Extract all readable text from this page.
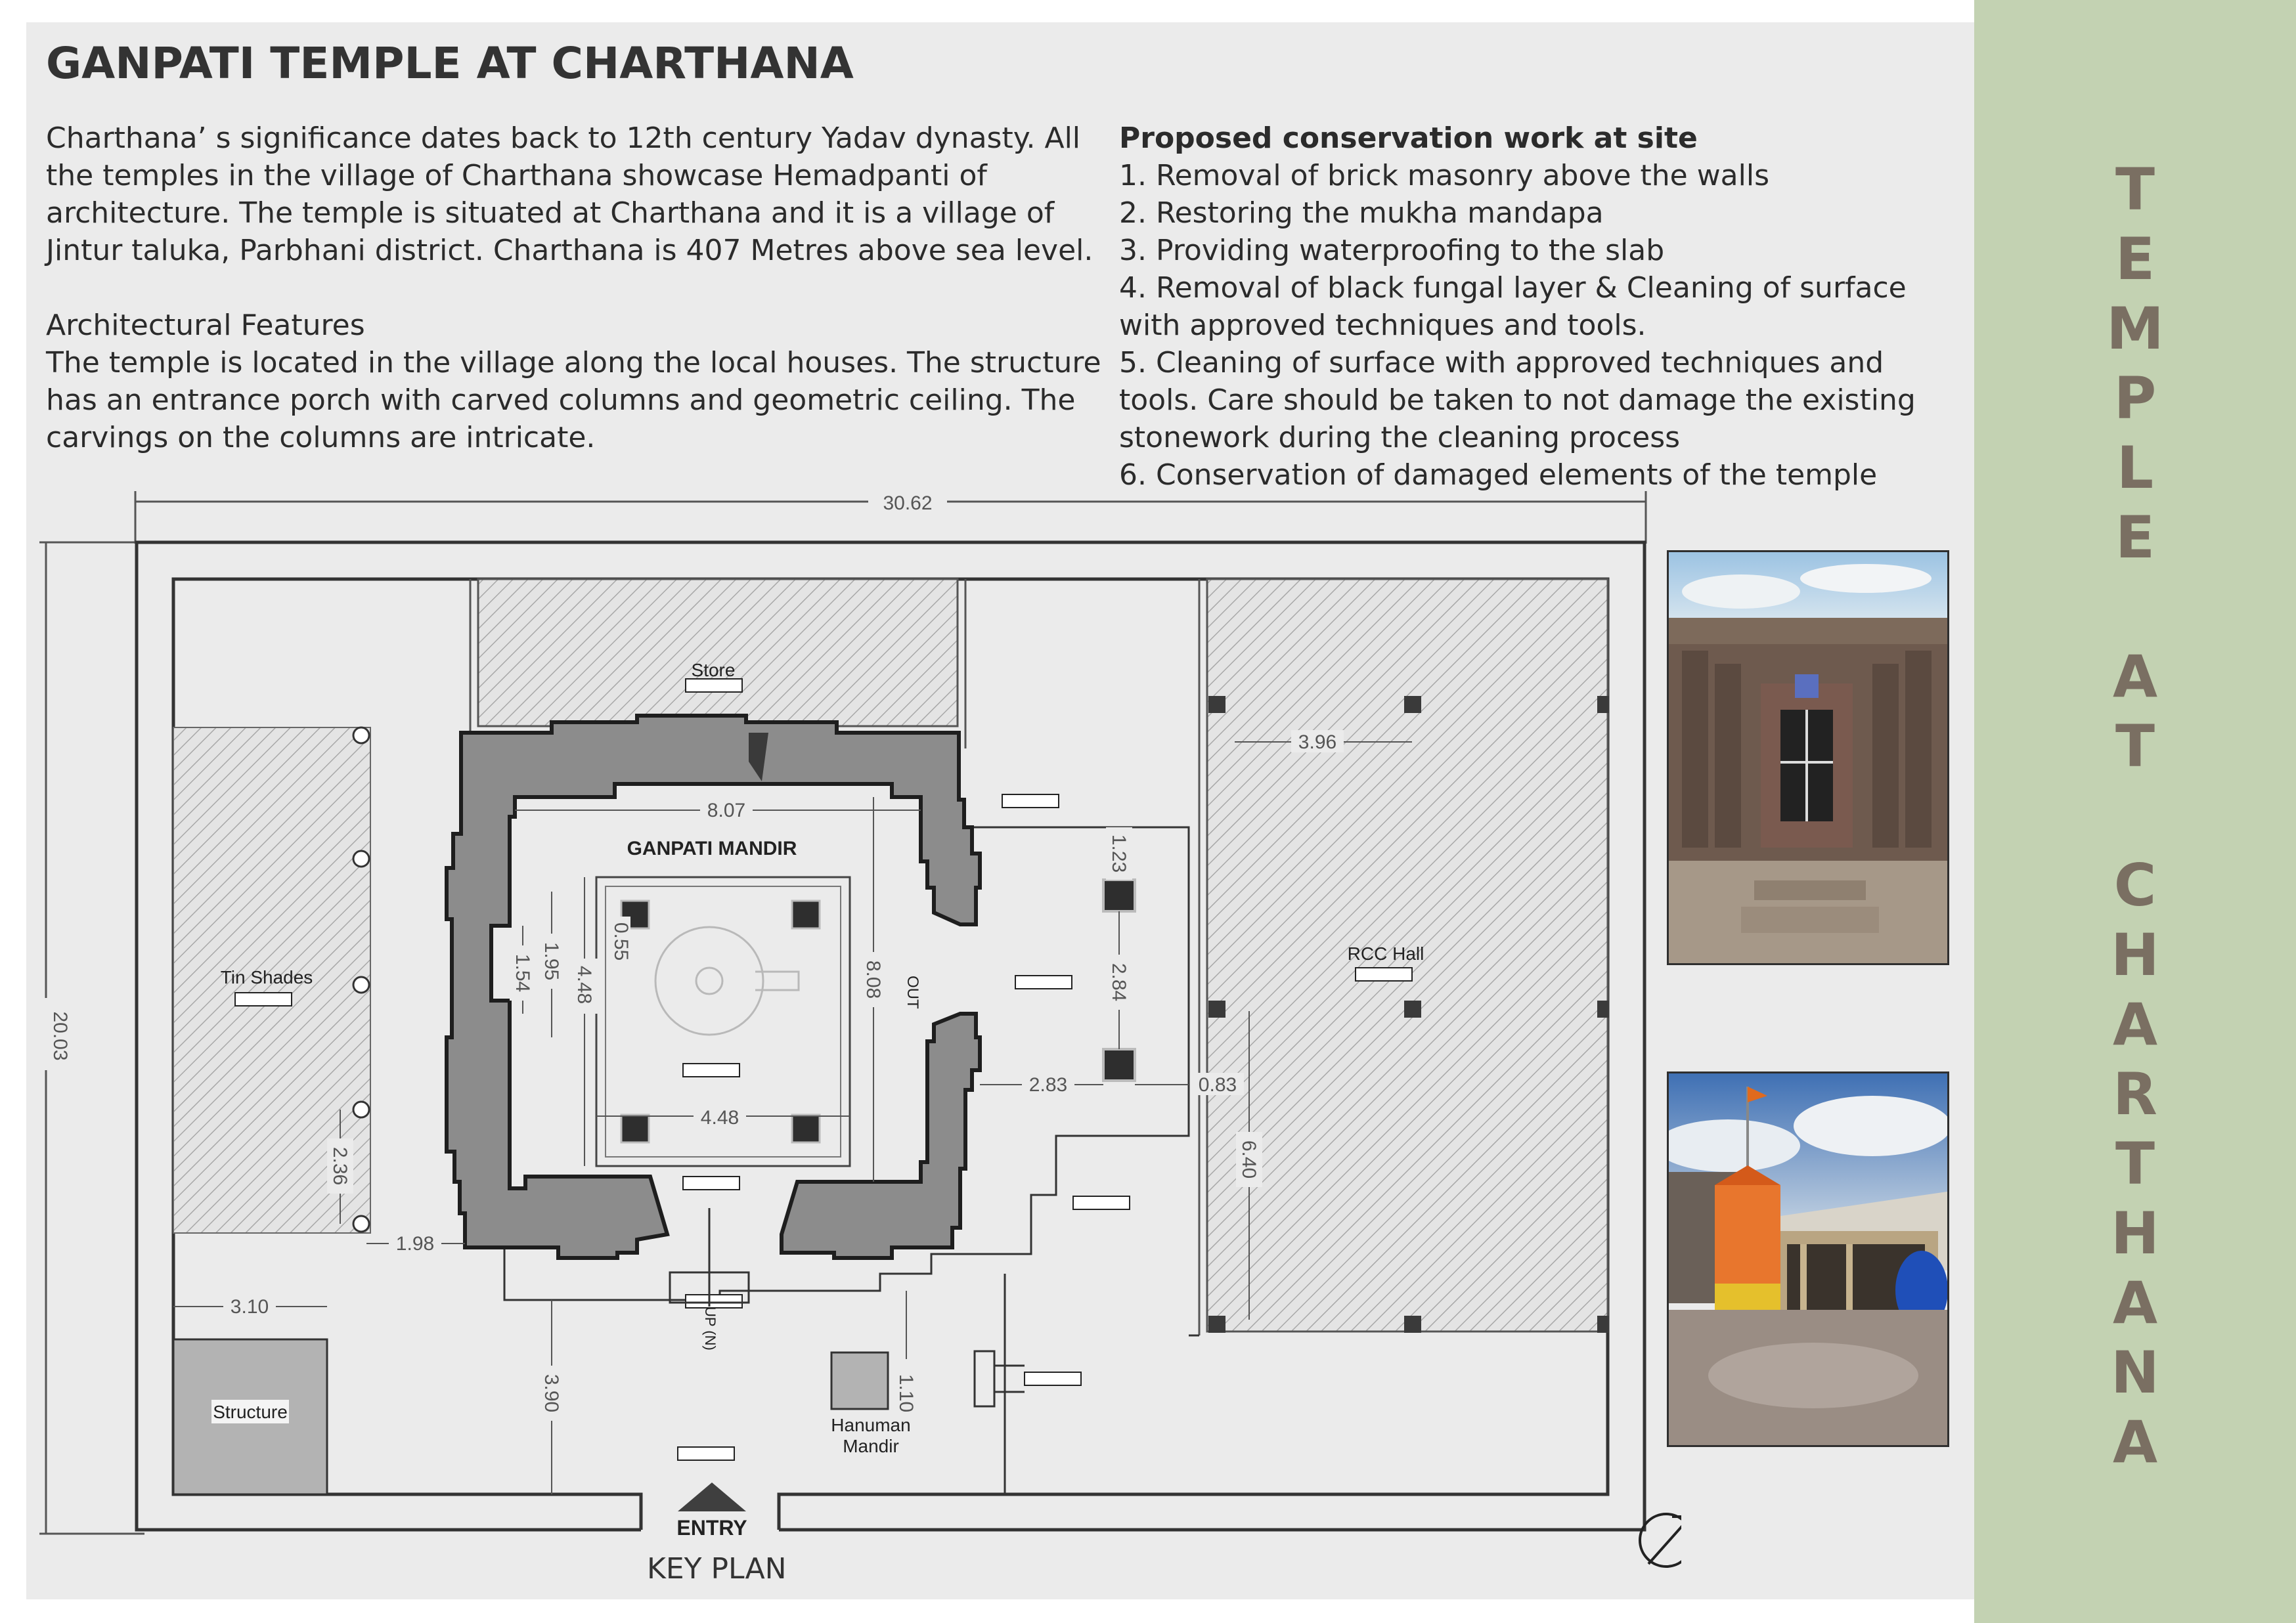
GANPATI TEMPLE AT CHARTHANA

Charthana’ s significance dates back to 12th century Yadav dynasty. All the temples in the village of Charthana showcase Hemadpanti of architecture. The temple is situated at Charthana and it is a village of Jintur taluka, Parbhani district. Charthana is 407 Metres above sea level.

Architectural Features

The temple is located in the village along the local houses. The structure has an entrance porch with carved columns and geometric ceiling. The carvings on the columns are intricate.

Proposed conservation work at site

1. Removal of brick masonry above the walls

2. Restoring the mukha mandapa

3. Providing waterproofing to the slab

4. Removal of black fungal layer & Cleaning of surface with approved techniques and tools.

5. Cleaning of surface with approved techniques and tools. Care should be taken to not damage the existing stonework during the cleaning process

6. Conservation of damaged elements of the temple

30.62
20.03
8.07
8.08
4.48
4.48
0.55
1.95
1.54
3.96
1.23
2.84
2.83	0.83
6.40
2.36
1.98
3.10
3.90	1.10
Store
GANPATI MANDIR
Tin Shades
RCC Hall
Structure
Hanuman
Mandir
ENTRY
OUT
UP (N)
KEY PLAN
T
E
M
P
L
E
A
T
C
H
A
R
T
H
A
N
A
